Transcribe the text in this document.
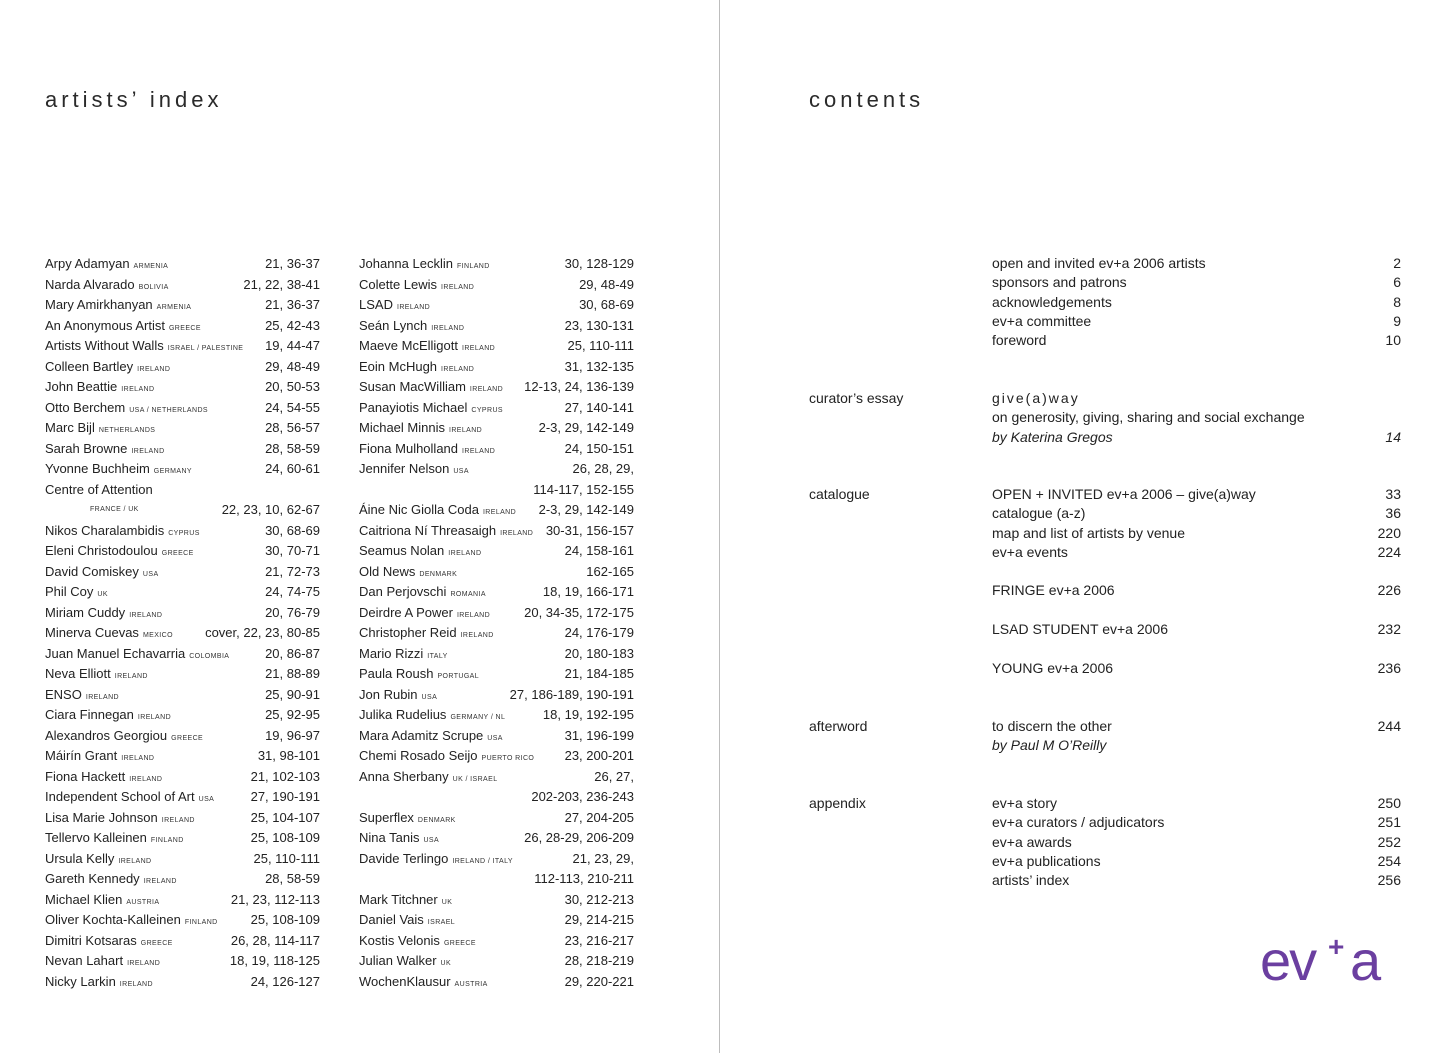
artists’ index
Arpy Adamyan ARMENIA	21, 36-37
Narda Alvarado BOLIVIA	21, 22, 38-41
Mary Amirkhanyan ARMENIA	21, 36-37
An Anonymous Artist GREECE	25, 42-43
Artists Without Walls ISRAEL / PALESTINE 19, 44-47
Colleen Bartley IRELAND	29, 48-49
John Beattie IRELAND	20, 50-53
Otto Berchem USA / NETHERLANDS	24, 54-55
Marc Bijl NETHERLANDS	28, 56-57
Sarah Browne IRELAND	28, 58-59
Yvonne Buchheim GERMANY	24, 60-61
Centre of Attention
FRANCE / UK	22, 23, 10, 62-67
Nikos Charalambidis CYPRUS	30, 68-69
Eleni Christodoulou GREECE	30, 70-71
David Comiskey USA	21, 72-73
Phil Coy UK	24, 74-75
Miriam Cuddy IRELAND	20, 76-79
Minerva Cuevas MEXICO cover, 22, 23, 80-85
Juan Manuel Echavarria COLOMBIA	20, 86-87
Neva Elliott IRELAND	21, 88-89
ENSO IRELAND	25, 90-91
Ciara Finnegan IRELAND	25, 92-95
Alexandros Georgiou GREECE	19, 96-97
Máirín Grant IRELAND	31, 98-101
Fiona Hackett IRELAND	21, 102-103
Independent School of Art USA	27, 190-191
Lisa Marie Johnson IRELAND	25, 104-107
Tellervo Kalleinen FINLAND	25, 108-109
Ursula Kelly IRELAND	25, 110-111
Gareth Kennedy IRELAND	28, 58-59
Michael Klien AUSTRIA	21, 23, 112-113
Oliver Kochta-Kalleinen FINLAND	25, 108-109
Dimitri Kotsaras GREECE	26, 28, 114-117
Nevan Lahart IRELAND	18, 19, 118-125
Nicky Larkin IRELAND	24, 126-127
Johanna Lecklin FINLAND	30, 128-129
Colette Lewis IRELAND	29, 48-49
LSAD IRELAND	30, 68-69
Seán Lynch IRELAND	23, 130-131
Maeve McElligott IRELAND	25, 110-111
Eoin McHugh IRELAND	31, 132-135
Susan MacWilliam IRELAND 12-13, 24, 136-139
Panayiotis Michael CYPRUS	27, 140-141
Michael Minnis IRELAND	2-3, 29, 142-149
Fiona Mulholland IRELAND	24, 150-151
Jennifer Nelson USA	26, 28, 29,
114-117, 152-155
Áine Nic Giolla Coda IRELAND 2-3, 29, 142-149
Caitriona Ní Threasaigh IRELAND 30-31, 156-157
Seamus Nolan IRELAND	24, 158-161
Old News DENMARK	162-165
Dan Perjovschi ROMANIA	18, 19, 166-171
Deirdre A Power IRELAND	20, 34-35, 172-175
Christopher Reid IRELAND	24, 176-179
Mario Rizzi ITALY	20, 180-183
Paula Roush PORTUGAL	21, 184-185
Jon Rubin USA	27, 186-189, 190-191
Julika Rudelius GERMANY / NL	18, 19, 192-195
Mara Adamitz Scrupe USA	31, 196-199
Chemi Rosado Seijo PUERTO RICO 23, 200-201
Anna Sherbany UK / ISRAEL	26, 27,
202-203, 236-243
Superflex DENMARK	27, 204-205
Nina Tanis USA	26, 28-29, 206-209
Davide Terlingo IRELAND / ITALY	21, 23, 29,
112-113, 210-211
Mark Titchner UK	30, 212-213
Daniel Vais ISRAEL	29, 214-215
Kostis Velonis GREECE	23, 216-217
Julian Walker UK	28, 218-219
WochenKlausur AUSTRIA	29, 220-221
contents
open and invited ev+a 2006 artists	2
sponsors and patrons	6
acknowledgements	8
ev+a committee	9
foreword	10
curator’s essay	give(a)way
on generosity, giving, sharing and social exchange
by Katerina Gregos	14
catalogue	OPEN + INVITED ev+a 2006 – give(a)way	33
catalogue (a-z)	36
map and list of artists by venue	220
ev+a events	224
FRINGE ev+a 2006	226
LSAD STUDENT ev+a 2006	232
YOUNG ev+a 2006	236
afterword	to discern the other	244
by Paul M O’Reilly
appendix	ev+a story	250
ev+a curators / adjudicators	251
ev+a awards	252
ev+a publications	254
artists’ index	256
ev + a
